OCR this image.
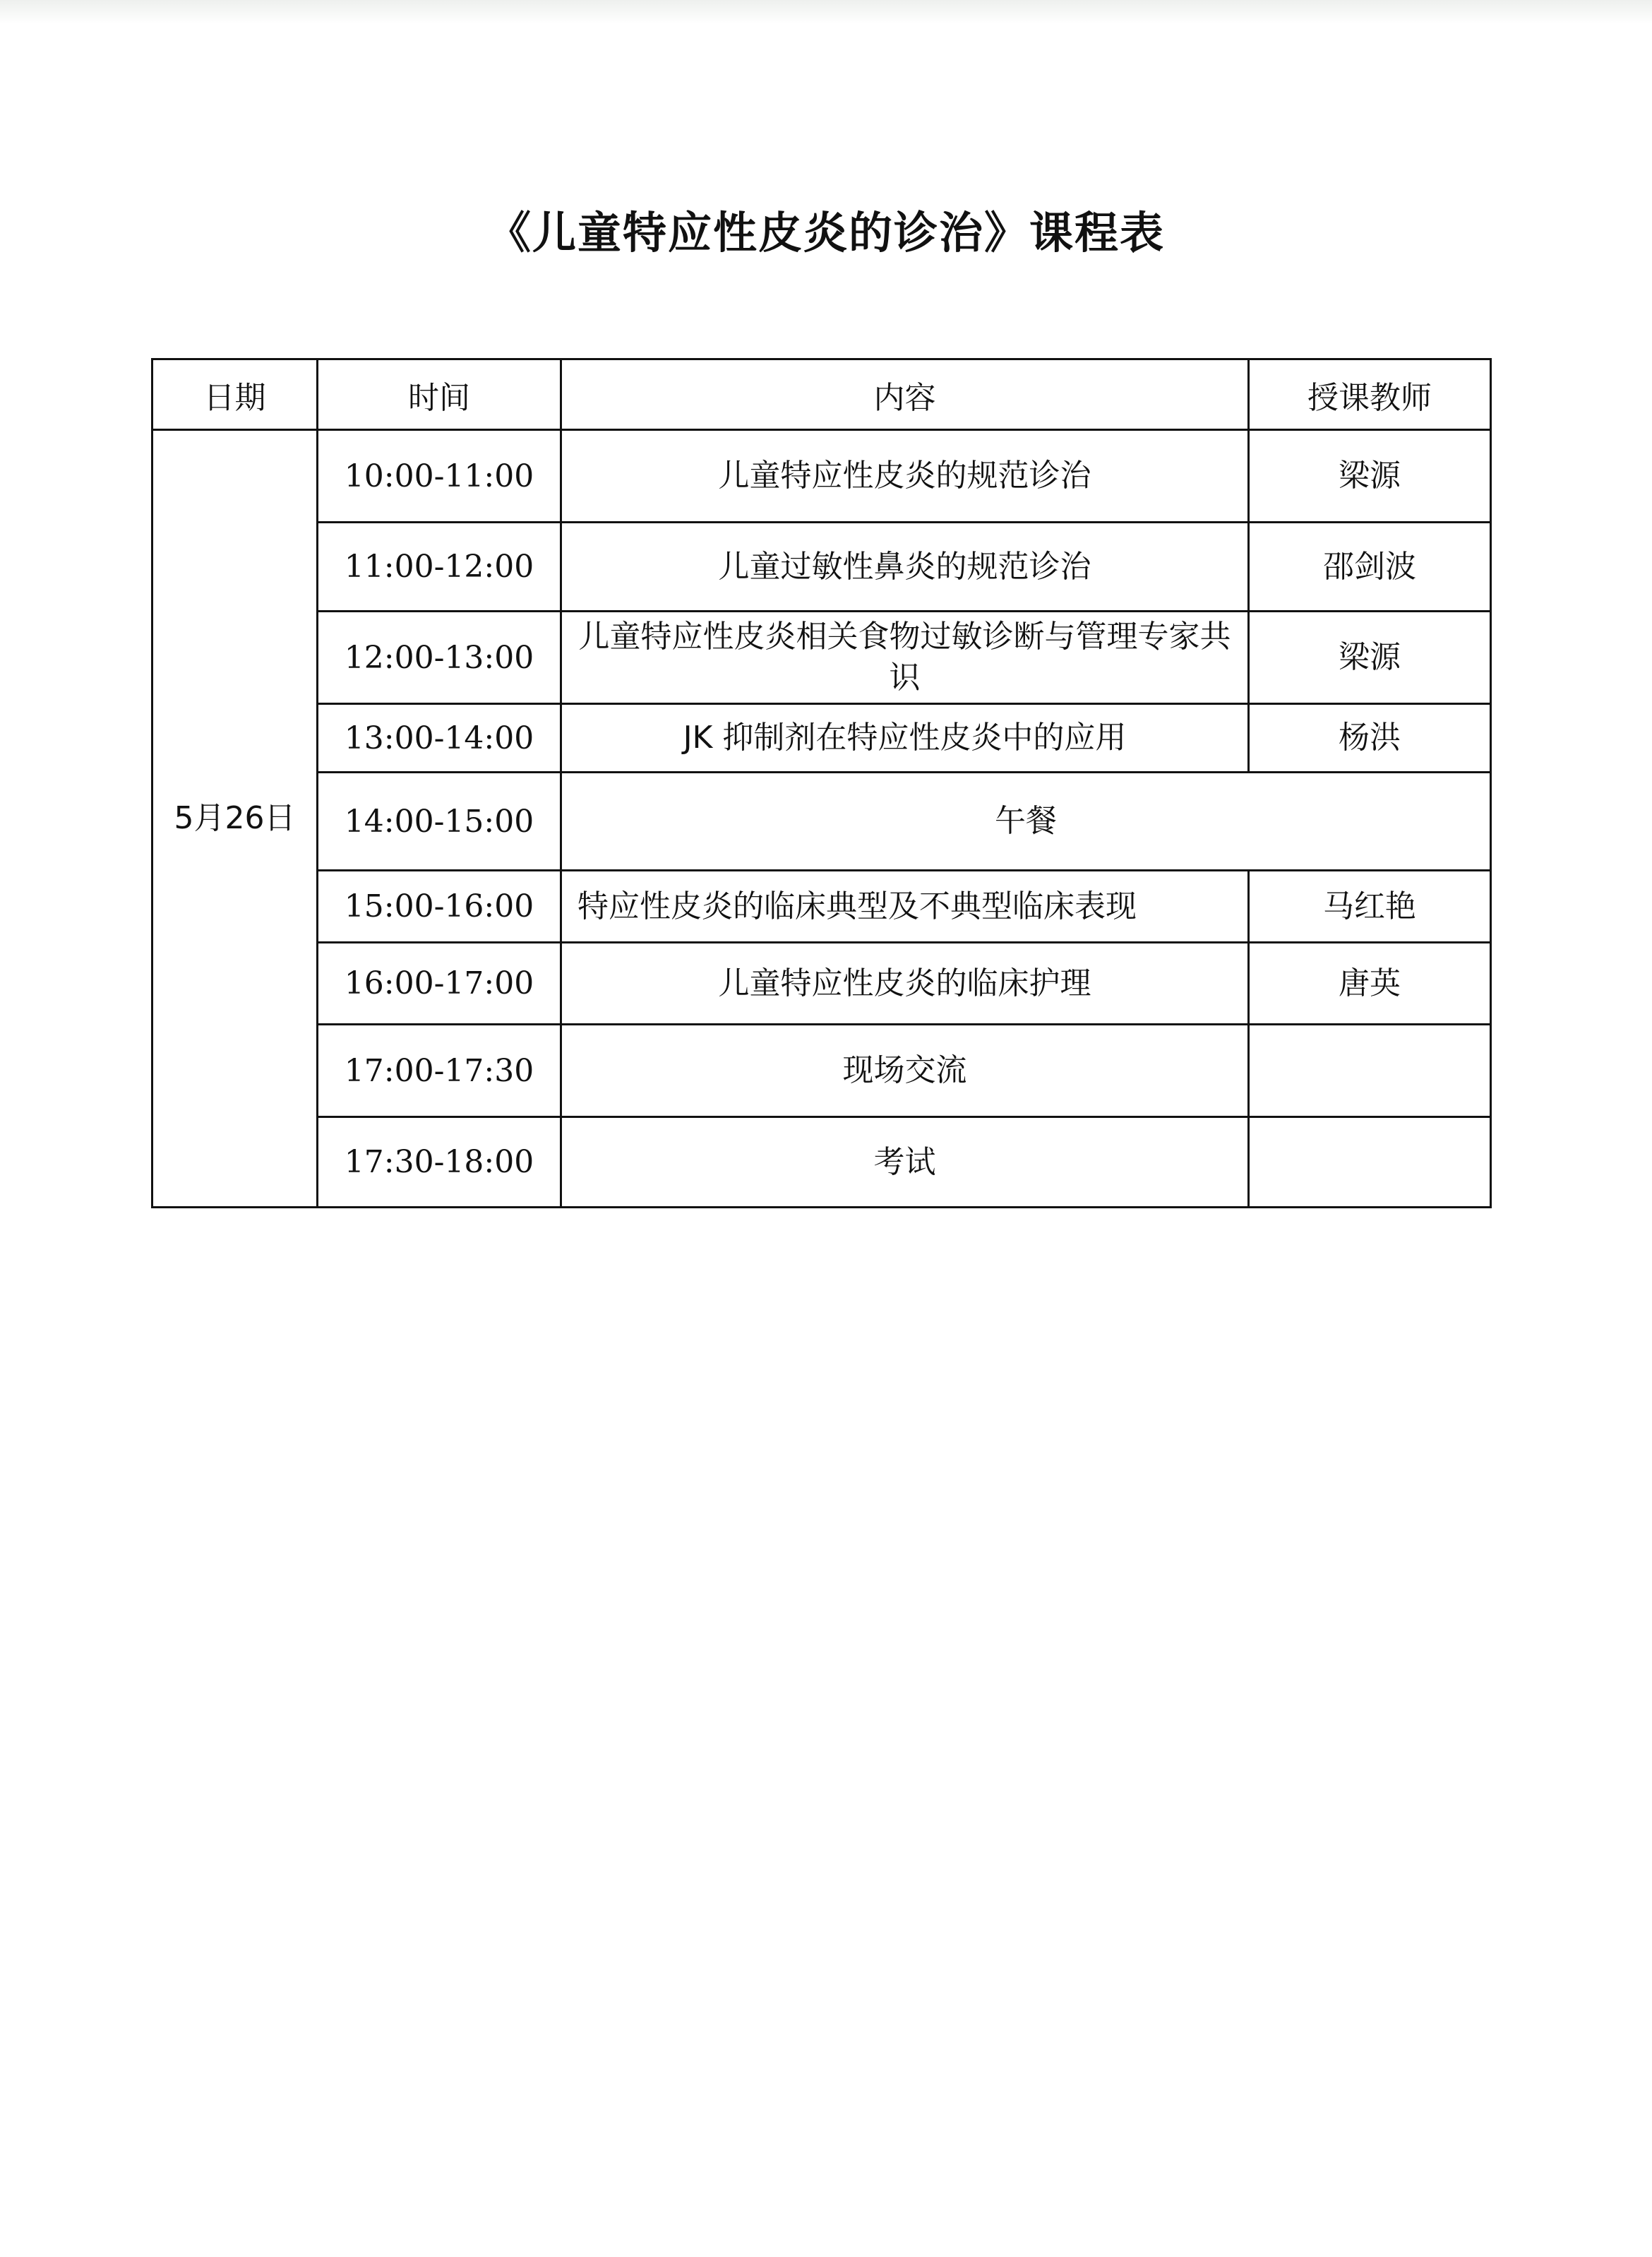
《儿童特应性皮炎的诊治》课程表
日期	时间	内容	授课教师
5月26日	10:00-11:00	儿童特应性皮炎的规范诊治	梁源
	11:00-12:00	儿童过敏性鼻炎的规范诊治	邵剑波
	12:00-13:00	儿童特应性皮炎相关食物过敏诊断与管理专家共识	梁源
	13:00-14:00	JK 抑制剂在特应性皮炎中的应用	杨洪
	14:00-15:00	午餐	
	15:00-16:00	特应性皮炎的临床典型及不典型临床表现	马红艳
	16:00-17:00	儿童特应性皮炎的临床护理	唐英
	17:00-17:30	现场交流	
	17:30-18:00	考试	
